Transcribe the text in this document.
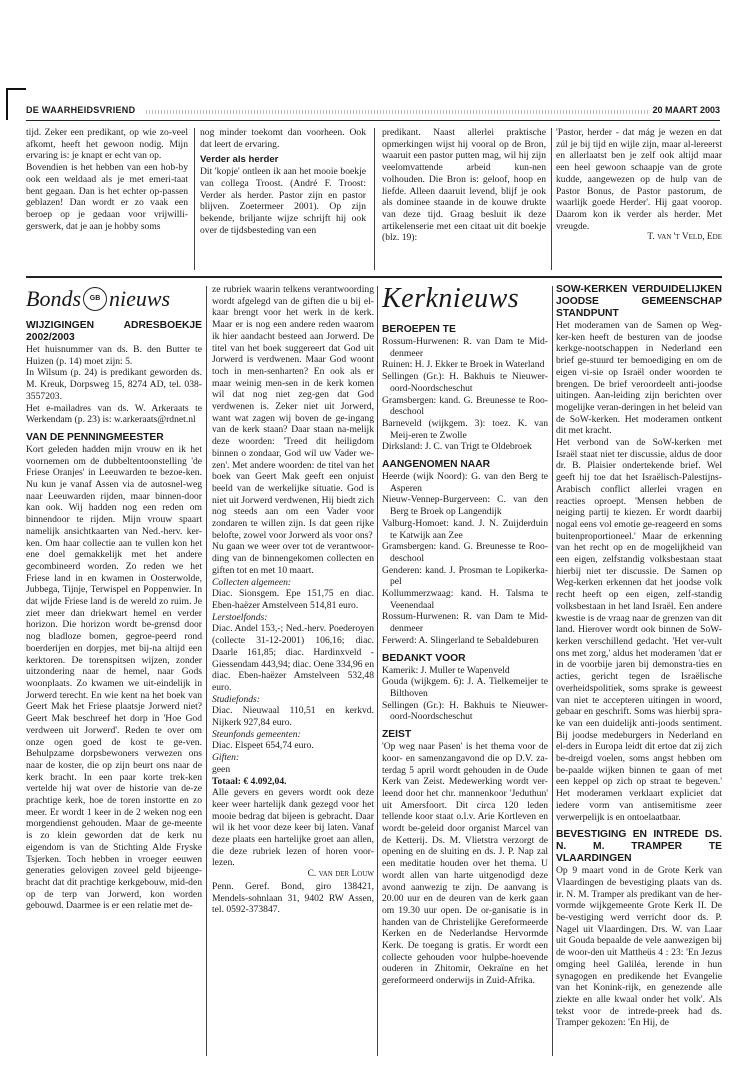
DE WAARHEIDSVRIEND	20 MAART 2003

tijd. Zeker een predikant, op wie zo-veel afkomt, heeft het gewoon nodig. Mijn ervaring is: je knapt er echt van op.

Bovendien is het hebben van een hob-by ook een weldaad als je met emeri-taat bent gegaan. Dan is het echter op-passen geblazen! Dan wordt er zo vaak een beroep op je gedaan voor vrijwilli-gerswerk, dat je aan je hobby soms

nog minder toekomt dan voorheen. Ook dat leert de ervaring.

Verder als herder

Dit 'kopje' ontleen ik aan het mooie boekje van collega Troost. (André F. Troost: Verder als herder. Pastor zijn en pastor blijven. Zoetermeer 2001). Op zijn bekende, briljante wijze schrijft hij ook over de tijdsbesteding van een

predikant. Naast allerlei praktische opmerkingen wijst hij vooral op de Bron, waaruit een pastor putten mag, wil hij zijn veelomvattende arbeid kun-nen volhouden. Die Bron is: geloof, hoop en liefde. Alleen daaruit levend, blijf je ook als dominee staande in de kouwe drukte van deze tijd. Graag besluit ik deze artikelenserie met een citaat uit dit boekje (blz. 19):

'Pastor, herder - dat mág je wezen en dat zúl je bij tijd en wijle zijn, maar al-lereerst en allerlaatst ben je zelf ook altijd maar een heel gewoon schaapje van de grote kudde, aangewezen op de hulp van de Pastor Bonus, de Pastor pastorum, de waarlijk goede Herder'. Hij gaat voorop. Daarom kon ik verder als herder. Met vreugde.

T. van 't Veld, Ede

Bonds GB nieuws

WIJZIGINGEN ADRESBOEKJE 2002/2003

Het huisnummer van ds. B. den Butter te Huizen (p. 14) moet zijn: 5.

In Wilsum (p. 24) is predikant geworden ds. M. Kreuk, Dorpsweg 15, 8274 AD, tel. 038-3557203.

Het e-mailadres van ds. W. Arkeraats te Werkendam (p. 23) is: w.arkeraats@rdnet.nl

VAN DE PENNINGMEESTER

Kort geleden hadden mijn vrouw en ik het voornemen om de dubbeltentoonstelling 'de Friese Oranjes' in Leeuwarden te bezoe-ken. Nu kun je vanaf Assen via de autosnel-weg naar Leeuwarden rijden, maar binnen-door kan ook. Wij hadden nog een reden om binnendoor te rijden. Mijn vrouw spaart namelijk ansichtkaarten van Ned.-herv. ker-ken. Om haar collectie aan te vullen kon het ene doel gemakkelijk met het andere gecombineerd worden. Zo reden we het Friese land in en kwamen in Oosterwolde, Jubbega, Tijnje, Terwispel en Poppenwier. In dat wijde Friese land is de wereld zo ruim. Je ziet meer dan driekwart hemel en verder horizon. Die horizon wordt be-grensd door nog bladloze bomen, gegroe-peerd rond boerderijen en dorpjes, met bij-na altijd een kerktoren. De torenspitsen wijzen, zonder uitzondering naar de hemel, naar Gods woonplaats. Zo kwamen we uit-eindelijk in Jorwerd terecht. En wie kent na het boek van Geert Mak het Friese plaatsje Jorwerd niet? Geert Mak beschreef het dorp in 'Hoe God verdween uit Jorwerd'. Reden te over om onze ogen goed de kost te ge-ven. Behulpzame dorpsbewoners verwezen ons naar de koster, die op zijn beurt ons naar de kerk bracht. In een paar korte trek-ken vertelde hij wat over de historie van de-ze prachtige kerk, hoe de toren instortte en zo meer. Er wordt 1 keer in de 2 weken nog een morgendienst gehouden. Maar de ge-meente is zo klein geworden dat de kerk nu eigendom is van de Stichting Alde Fryske Tsjerken. Toch hebben in vroeger eeuwen generaties gelovigen zoveel geld bijeenge-bracht dat dit prachtige kerkgebouw, mid-den op de terp van Jorwerd, kon worden gebouwd. Daarmee is er een relatie met de-

ze rubriek waarin telkens verantwoording wordt afgelegd van de giften die u bij el-kaar brengt voor het werk in de kerk. Maar er is nog een andere reden waarom ik hier aandacht besteed aan Jorwerd. De titel van het boek suggereert dat God uit Jorwerd is verdwenen. Maar God woont toch in men-senharten? En ook als er maar weinig men-sen in de kerk komen wil dat nog niet zeg-gen dat God verdwenen is. Zeker niet uit Jorwerd, want wat zagen wij boven de ge-ingang van de kerk staan? Daar staan na-melijk deze woorden: 'Treed dit heiligdom binnen o zondaar, God wil uw Vader we-zen'. Met andere woorden: de titel van het boek van Geert Mak geeft een onjuist beeld van de werkelijke situatie. God is niet uit Jorwerd verdwenen, Hij biedt zich nog steeds aan om een Vader voor zondaren te willen zijn. Is dat geen rijke belofte, zowel voor Jorwerd als voor ons?

Nu gaan we weer over tot de verantwoor-ding van de binnengekomen collecten en giften tot en met 10 maart.

Collecten algemeen:

Diac. Sionsgem. Epe 151,75 en diac. Eben-haëzer Amstelveen 514,81 euro.

Lerstoelfonds:

Diac. Andel 153,-; Ned.-herv. Poederoyen (collecte 31-12-2001) 106,16; diac. Daarle 161,85; diac. Hardinxveld - Giessendam 443,94; diac. Oene 334,96 en diac. Eben-haëzer Amstelveen 532,48 euro.

Studiefonds:

Diac. Nieuwaal 110,51 en kerkvd. Nijkerk 927,84 euro.

Steunfonds gemeenten:

Diac. Elspeet 654,74 euro.

Giften:

geen

Totaal: € 4.092,04.

Alle gevers en gevers wordt ook deze keer weer hartelijk dank gezegd voor het mooie bedrag dat bijeen is gebracht. Daar wil ik het voor deze keer bij laten. Vanaf deze plaats een hartelijke groet aan allen, die deze rubriek lezen of horen voor-lezen.

C. van der Louw

Penn. Geref. Bond, giro 138421, Mendels-sohnlaan 31, 9402 RW Assen, tel. 0592-373847.

Kerknieuws

BEROEPEN TE

Rossum-Hurwenen: R. van Dam te Mid-denmeer

Ruinen: H. J. Ekker te Broek in Waterland

Sellingen (Gr.): H. Bakhuis te Nieuwer-oord-Noordscheschut

Gramsbergen: kand. G. Breunesse te Roo-deschool

Barneveld (wijkgem. 3): toez. K. van Meij-eren te Zwolle

Dirksland: J. C. van Trigt te Oldebroek

AANGENOMEN NAAR

Heerde (wijk Noord): G. van den Berg te Asperen

Nieuw-Vennep-Burgerveen: C. van den Berg te Broek op Langendijk

Valburg-Homoet: kand. J. N. Zuijderduin te Katwijk aan Zee

Gramsbergen: kand. G. Breunesse te Roo-deschool

Genderen: kand. J. Prosman te Lopikerka-pel

Kollummerzwaag: kand. H. Talsma te Veenendaal

Rossum-Hurwenen: R. van Dam te Mid-denmeer

Ferwerd: A. Slingerland te Sebaldeburen

BEDANKT VOOR

Kamerik: J. Muller te Wapenveld

Gouda (wijkgem. 6): J. A. Tielkemeijer te Bilthoven

Sellingen (Gr.): H. Bakhuis te Nieuwer-oord-Noordscheschut

ZEIST

'Op weg naar Pasen' is het thema voor de koor- en samenzangavond die op D.V. za-terdag 5 april wordt gehouden in de Oude Kerk van Zeist. Medewerking wordt ver-leend door het chr. mannenkoor 'Jeduthun' uit Amersfoort. Dit circa 120 leden tellende koor staat o.l.v. Arie Kortleven en wordt be-geleid door organist Marcel van de Ketterij. Ds. M. Vlietstra verzorgt de opening en de sluiting en ds. J. P. Nap zal een meditatie houden over het thema. U wordt allen van harte uitgenodigd deze avond aanwezig te zijn. De aanvang is 20.00 uur en de deuren van de kerk gaan om 19.30 uur open. De or-ganisatie is in handen van de Christelijke Gereformeerde Kerken en de Nederlandse Hervormde Kerk. De toegang is gratis. Er wordt een collecte gehouden voor hulpbe-hoevende ouderen in Zhitomir, Oekraïne en het gereformeerd onderwijs in Zuid-Afrika.

SOW-KERKEN VERDUIDELIJKEN JOODSE GEMEENSCHAP STANDPUNT

Het moderamen van de Samen op Weg-ker-ken heeft de besturen van de joodse kerkge-nootschappen in Nederland een brief ge-stuurd ter bemoediging en om de eigen vi-sie op Israël onder woorden te brengen. De brief veroordeelt anti-joodse uitingen. Aan-leiding zijn berichten over mogelijke veran-deringen in het beleid van de SoW-kerken. Het moderamen ontkent dit met kracht.

Het verbond van de SoW-kerken met Israël staat niet ter discussie, aldus de door dr. B. Plaisier ondertekende brief. Wel geeft hij toe dat het Israëlisch-Palestijns-Arabisch conflict allerlei vragen en reacties oproept. 'Mensen hebben de neiging partij te kiezen. Er wordt daarbij nogal eens vol emotie ge-reageerd en soms buitenproportioneel.' Maar de erkenning van het recht op en de mogelijkheid van een eigen, zelfstandig volksbestaan staat hierbij niet ter discussie. De Samen op Weg-kerken erkennen dat het joodse volk recht heeft op een eigen, zelf-standig volksbestaan in het land Israël. Een andere kwestie is de vraag naar de grenzen van dit land. Hierover wordt ook binnen de SoW-kerken verschillend gedacht. 'Het ver-vult ons met zorg,' aldus het moderamen 'dat er in de voorbije jaren bij demonstra-ties en acties, gericht tegen de Israëlische overheidspolitiek, soms sprake is geweest van niet te accepteren uitingen in woord, gebaar en geschrift. Soms was hierbij spra-ke van een duidelijk anti-joods sentiment. Bij joodse medeburgers in Nederland en el-ders in Europa leidt dit ertoe dat zij zich be-dreigd voelen, soms angst hebben om be-paalde wijken binnen te gaan of met een keppel op zich op straat te begeven.' Het moderamen verklaart expliciet dat iedere vorm van antisemitisme zeer verwerpelijk is en ontoelaatbaar.

BEVESTIGING EN INTREDE DS. N. M. TRAMPER TE VLAARDINGEN

Op 9 maart vond in de Grote Kerk van Vlaardingen de bevestiging plaats van ds. ir. N. M. Tramper als predikant van de her-vormde wijkgemeente Grote Kerk II. De be-vestiging werd verricht door ds. P. Nagel uit Vlaardingen. Drs. W. van Laar uit Gouda bepaalde de vele aanwezigen bij de woor-den uit Mattheüs 4 : 23: 'En Jezus omging heel Galiléa, lerende in hun synagogen en predikende het Evangelie van het Konink-rijk, en genezende alle ziekte en alle kwaal onder het volk'. Als tekst voor de intrede-preek had ds. Tramper gekozen: 'En Hij, de
